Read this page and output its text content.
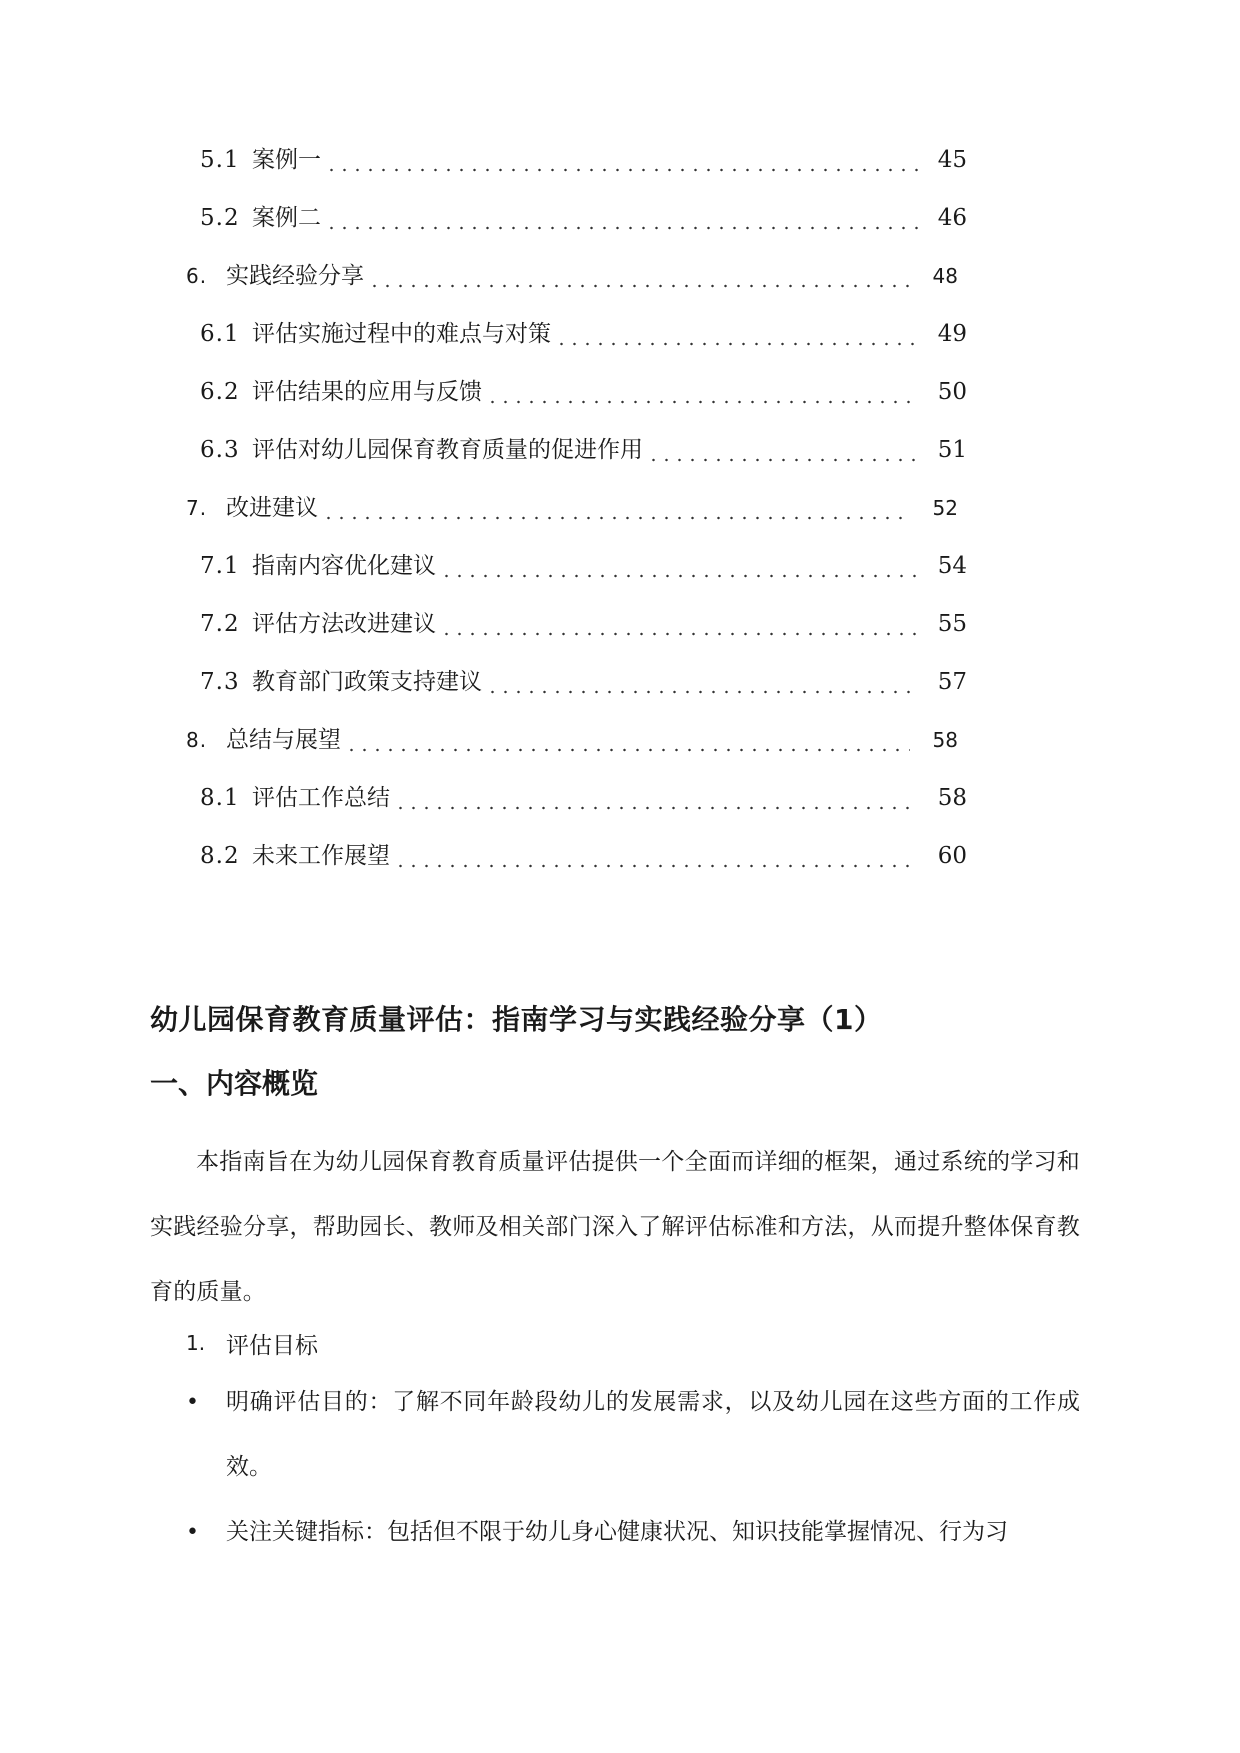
5.1 案例一	45
5.2 案例二	46
6. 实践经验分享	48
6.1 评估实施过程中的难点与对策	49
6.2 评估结果的应用与反馈	50
6.3 评估对幼儿园保育教育质量的促进作用	51
7. 改进建议	52
7.1 指南内容优化建议	54
7.2 评估方法改进建议	55
7.3 教育部门政策支持建议	57
8. 总结与展望	58
8.1 评估工作总结	58
8.2 未来工作展望	60
幼儿园保育教育质量评估：指南学习与实践经验分享（1）
一、内容概览

本指南旨在为幼儿园保育教育质量评估提供一个全面而详细的框架，通过系统的学习和实践经验分享，帮助园长、教师及相关部门深入了解评估标准和方法，从而提升整体保育教育的质量。

1. 评估目标
•	明确评估目的：了解不同年龄段幼儿的发展需求，以及幼儿园在这些方面的工作成效。
•	关注关键指标：包括但不限于幼儿身心健康状况、知识技能掌握情况、行为习
